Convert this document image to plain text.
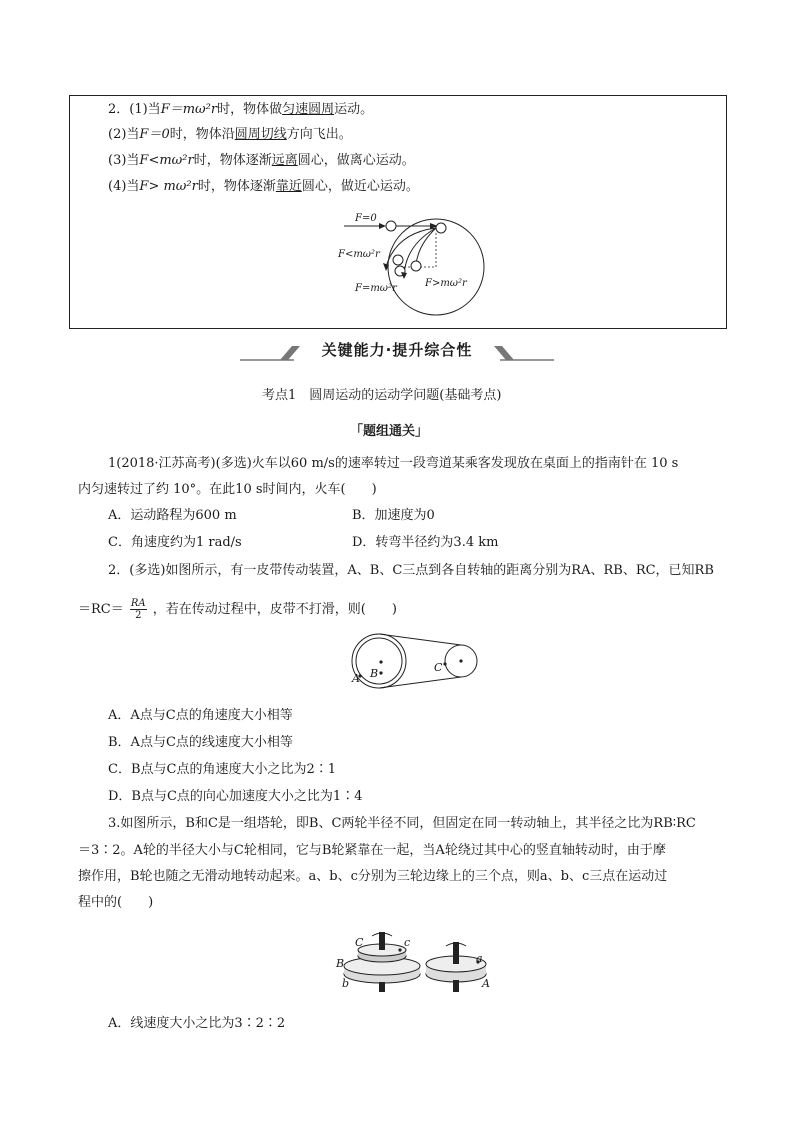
2．(1)当F＝mω²r时，物体做匀速圆周运动。
(2)当F＝0时，物体沿圆周切线方向飞出。
(3)当F<mω²r时，物体逐渐远离圆心，做离心运动。
(4)当F> mω²r时，物体逐渐靠近圆心，做近心运动。
F=0
F<mω²r
F>mω²r
F=mω²r
关键能力·提升综合性
考点1　圆周运动的运动学问题(基础考点)
「题组通关」
1(2018·江苏高考)(多选)火车以60 m/s的速率转过一段弯道某乘客发现放在桌面上的指南针在 10 s
内匀速转过了约 10°。在此10 s时间内，火车(　　)
A．运动路程为600 m	B．加速度为0
C．角速度约为1 rad/s	D．转弯半径约为3.4 km
2．(多选)如图所示，有一皮带传动装置，A、B、C三点到各自转轴的距离分别为RA、RB、RC，已知RB
$=RC= \frac{RA}{2}$ ，若在传动过程中，皮带不打滑，则(　　)
A B	C
A．A点与C点的角速度大小相等
B．A点与C点的线速度大小相等
C．B点与C点的角速度大小之比为2∶1
D．B点与C点的向心加速度大小之比为1∶4
3.如图所示，B和C是一组塔轮，即B、C两轮半径不同，但固定在同一转动轴上，其半径之比为RB∶RC
＝3∶2。A轮的半径大小与C轮相同，它与B轮紧靠在一起，当A轮绕过其中心的竖直轴转动时，由于摩
擦作用，B轮也随之无滑动地转动起来。a、b、c分别为三轮边缘上的三个点，则a、b、c三点在运动过
程中的(　　)
C	c
B
b
a
A
A．线速度大小之比为3∶2∶2
